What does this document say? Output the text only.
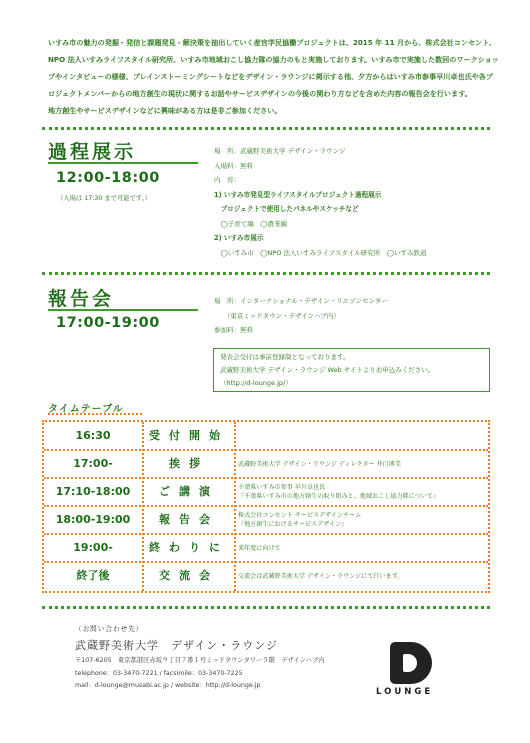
いすみ市の魅力の発掘・発信と課題発見・解決策を抽出していく産官学民協働プロジェクトは、2015 年 11 月から、株式会社コンセント、
NPO 法人いすみライフスタイル研究所、いすみ市地域おこし協力隊の協力のもと実施しております。いすみ市で実施した数回のワークショッ
プやインタビューの様様、ブレインストーミングシートなどをデザイン・ラウンジに掲示する他、夕方からはいすみ市参事早川卓也氏や各プ
ロジェクトメンバーからの地方創生の現状に関するお話やサービスデザインの今後の関わり方などを含めた内容の報告会を行います。
地方創生やサービスデザインなどに興味がある方は是非ご参加ください。
過程展示
12:00-18:00
（入場は 17:30 まで可能です。）
場　所：武蔵野美術大学 デザイン・ラウンジ
入場料：無料
内　容：
1) いすみ市発見型ライフスタイルプロジェクト過程展示
　プロジェクトで使用したパネルやスケッチなど
　◯子育て編　◯農業編
2) いすみ市展示
　◯いすみ市　◯NPO 法人いすみライフスタイル研究所　◯いすみ鉄道
報告会
17:00-19:00
場　所：インターナショナル・デザイン・リエゾンセンター
　　（東京ミッドタウン・デザインハブ内）
参加料：無料
発表会受付は事前登録制となっております。
武蔵野美術大学 デザイン・ラウンジ Web サイトよりお申込みください。
（http://d-lounge.jp/）
タイムテーブル
16:30	受付開始
17:00-	挨拶	武蔵野美術大学 デザイン・ラウンジ ディレクター 井口博美
17:10-18:00	ご講演	千葉県いすみ市参事 早川卓也氏
『千葉県いすみ市の地方創生の取り組みと、地域おこし協力隊について』
18:00-19:00	報告会	株式会社コンセント サービスデザインチーム
『地方創生におけるサービスデザイン』
19:00-	終わりに	来年度に向けて
終了後	交流会	交流会は武蔵野美術大学 デザイン・ラウンジにて行います。
（お問い合わせ先）
武蔵野美術大学　デザイン・ラウンジ
〒107-6205　東京都港区赤坂９丁目７番１号ミッドタウンタワー５階　デザインハブ内
telephone：03-3470-7221 / facsimile：03-3470-7225
mail：d-lounge@musabi.ac.jp / website：http://d-lounge.jp
LOUNGE
